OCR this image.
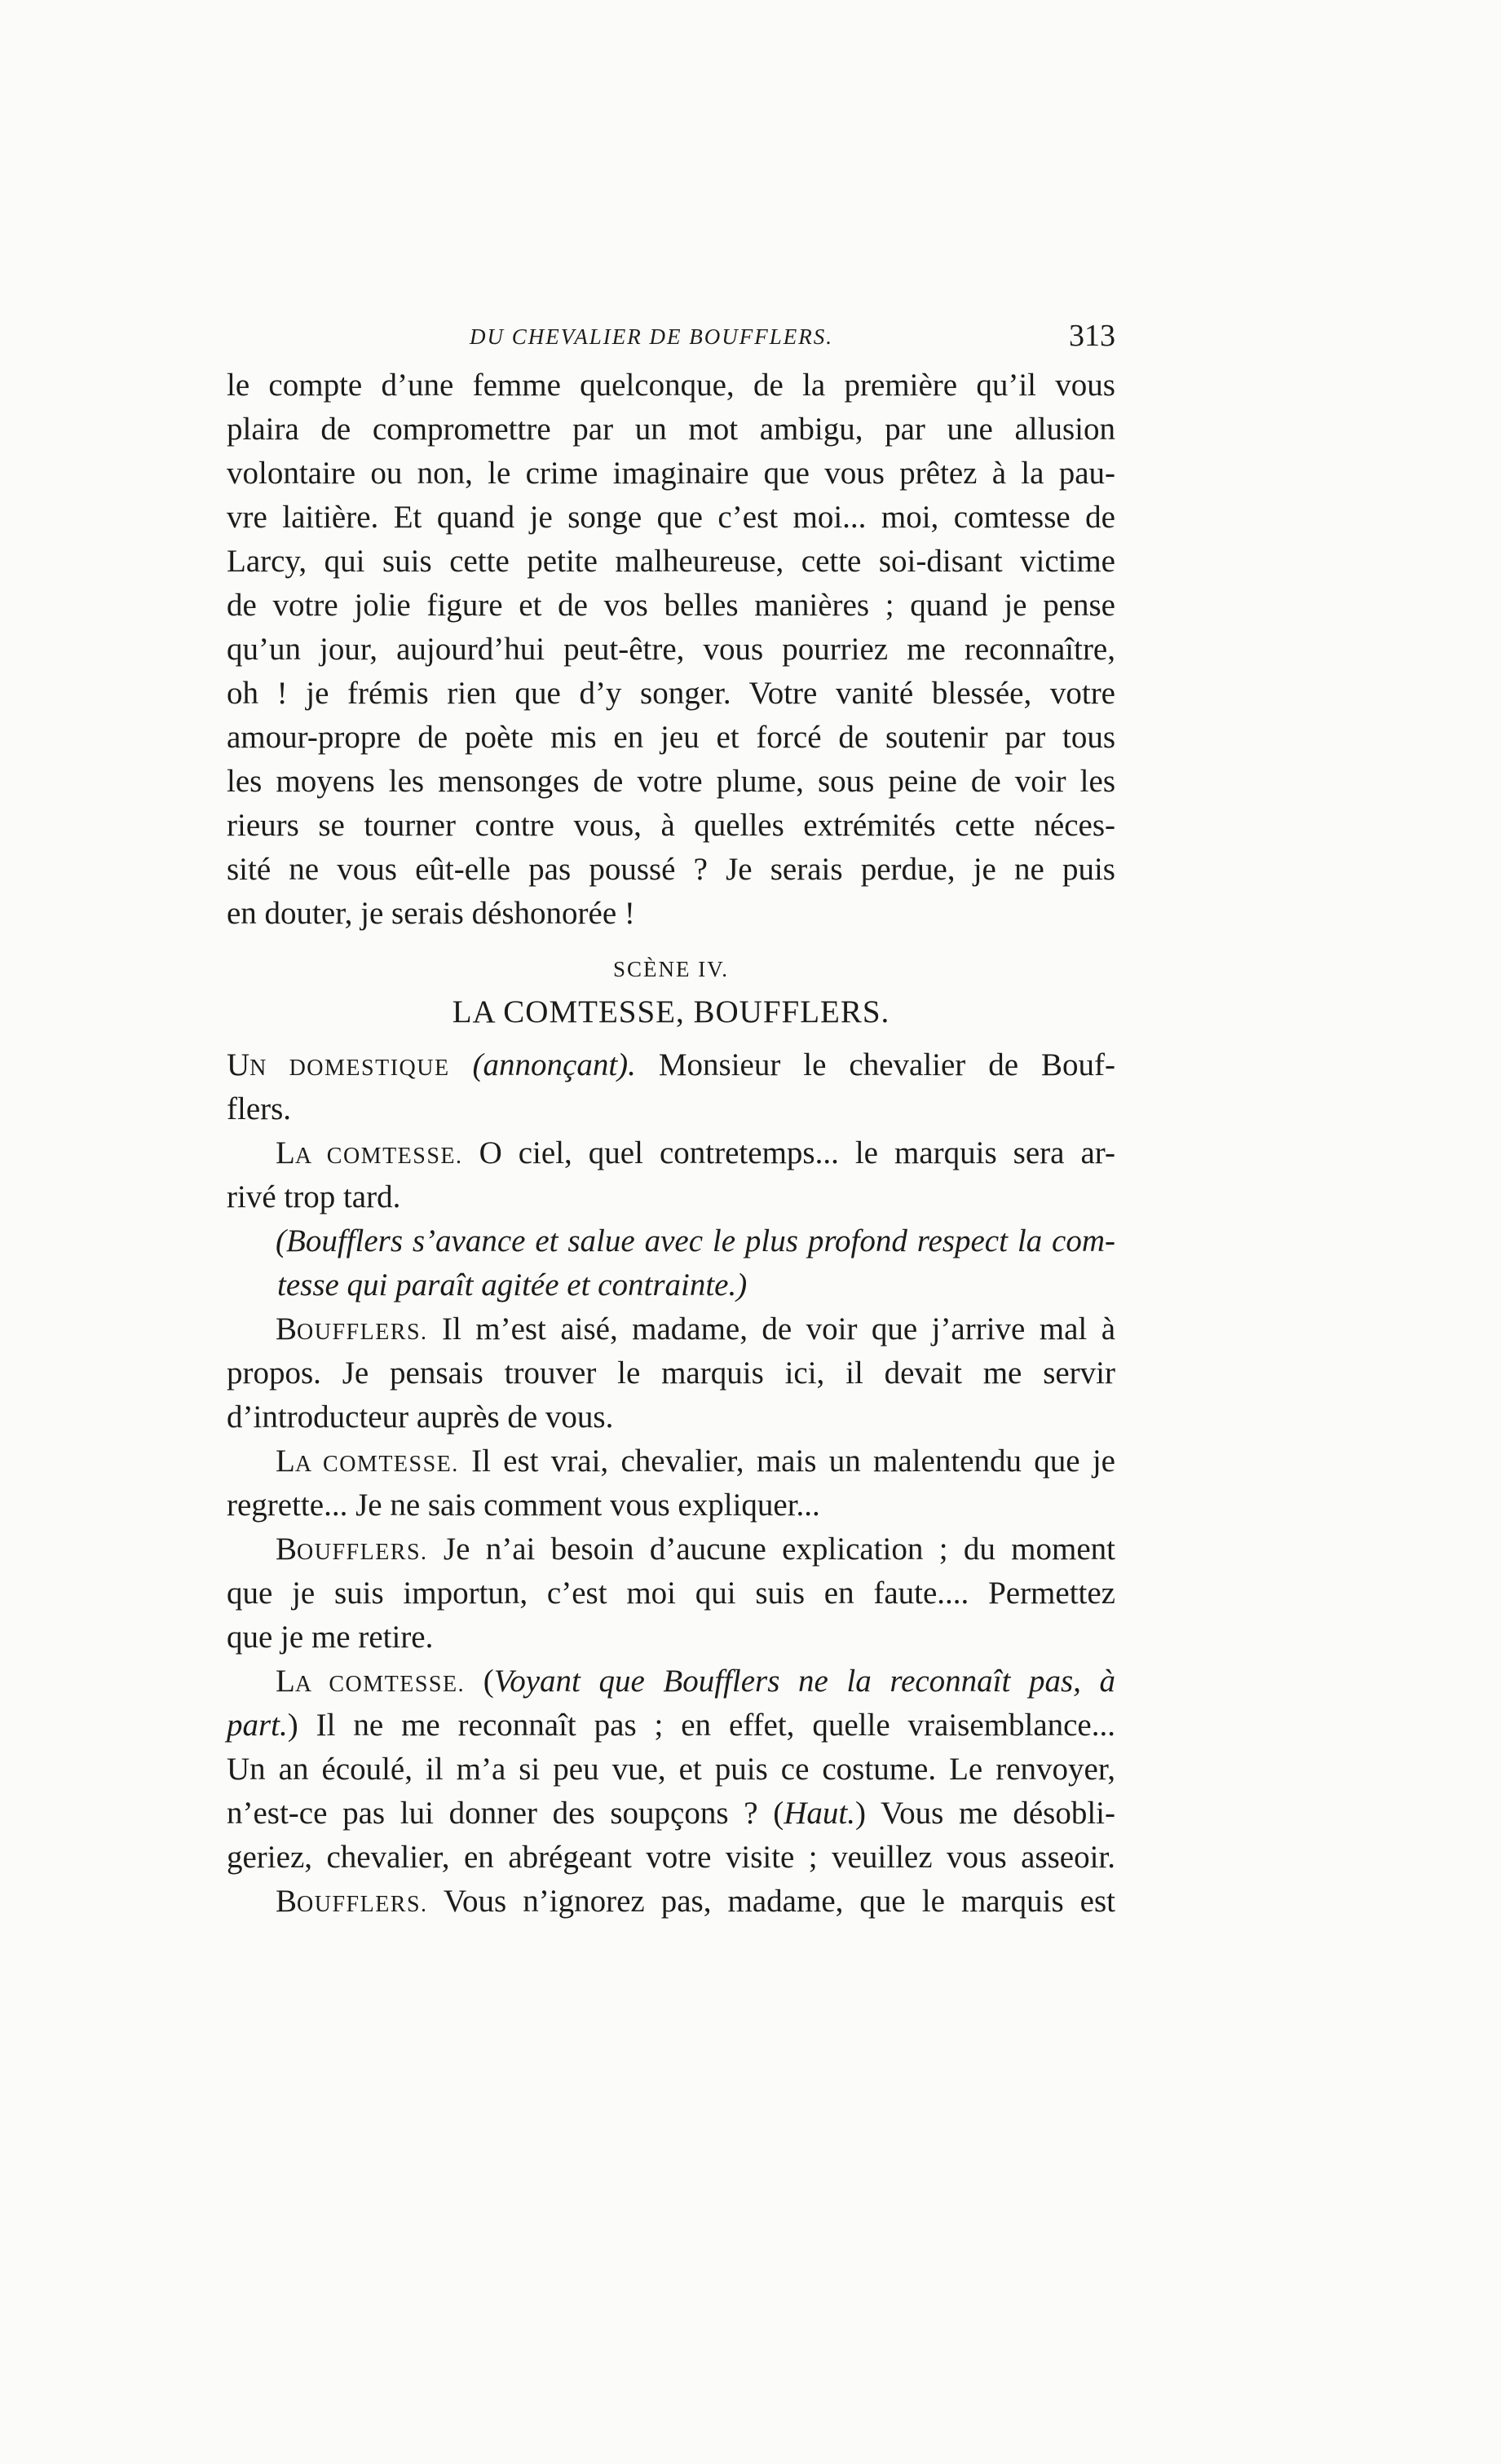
DU CHEVALIER DE BOUFFLERS.	313
le compte d’une femme quelconque, de la première qu’il vous
plaira de compromettre par un mot ambigu, par une allusion
volontaire ou non, le crime imaginaire que vous prêtez à la pau-
vre laitière. Et quand je songe que c’est moi... moi, comtesse de
Larcy, qui suis cette petite malheureuse, cette soi-disant victime
de votre jolie figure et de vos belles manières ; quand je pense
qu’un jour, aujourd’hui peut-être, vous pourriez me reconnaître,
oh ! je frémis rien que d’y songer. Votre vanité blessée, votre
amour-propre de poète mis en jeu et forcé de soutenir par tous
les moyens les mensonges de votre plume, sous peine de voir les
rieurs se tourner contre vous, à quelles extrémités cette néces-
sité ne vous eût-elle pas poussé ? Je serais perdue, je ne puis
en douter, je serais déshonorée !
SCÈNE IV.
LA COMTESSE, BOUFFLERS.
UN DOMESTIQUE (annonçant). Monsieur le chevalier de Bouf-
flers.
LA COMTESSE. O ciel, quel contretemps... le marquis sera ar-
rivé trop tard.
(Boufflers s’avance et salue avec le plus profond respect la com-
tesse qui paraît agitée et contrainte.)
BOUFFLERS. Il m’est aisé, madame, de voir que j’arrive mal à
propos. Je pensais trouver le marquis ici, il devait me servir
d’introducteur auprès de vous.
LA COMTESSE. Il est vrai, chevalier, mais un malentendu que je
regrette... Je ne sais comment vous expliquer...
BOUFFLERS. Je n’ai besoin d’aucune explication ; du moment
que je suis importun, c’est moi qui suis en faute.... Permettez
que je me retire.
LA COMTESSE. (Voyant que Boufflers ne la reconnaît pas, à
part.) Il ne me reconnaît pas ; en effet, quelle vraisemblance...
Un an écoulé, il m’a si peu vue, et puis ce costume. Le renvoyer,
n’est-ce pas lui donner des soupçons ? (Haut.) Vous me désobli-
geriez, chevalier, en abrégeant votre visite ; veuillez vous asseoir.
BOUFFLERS. Vous n’ignorez pas, madame, que le marquis est
